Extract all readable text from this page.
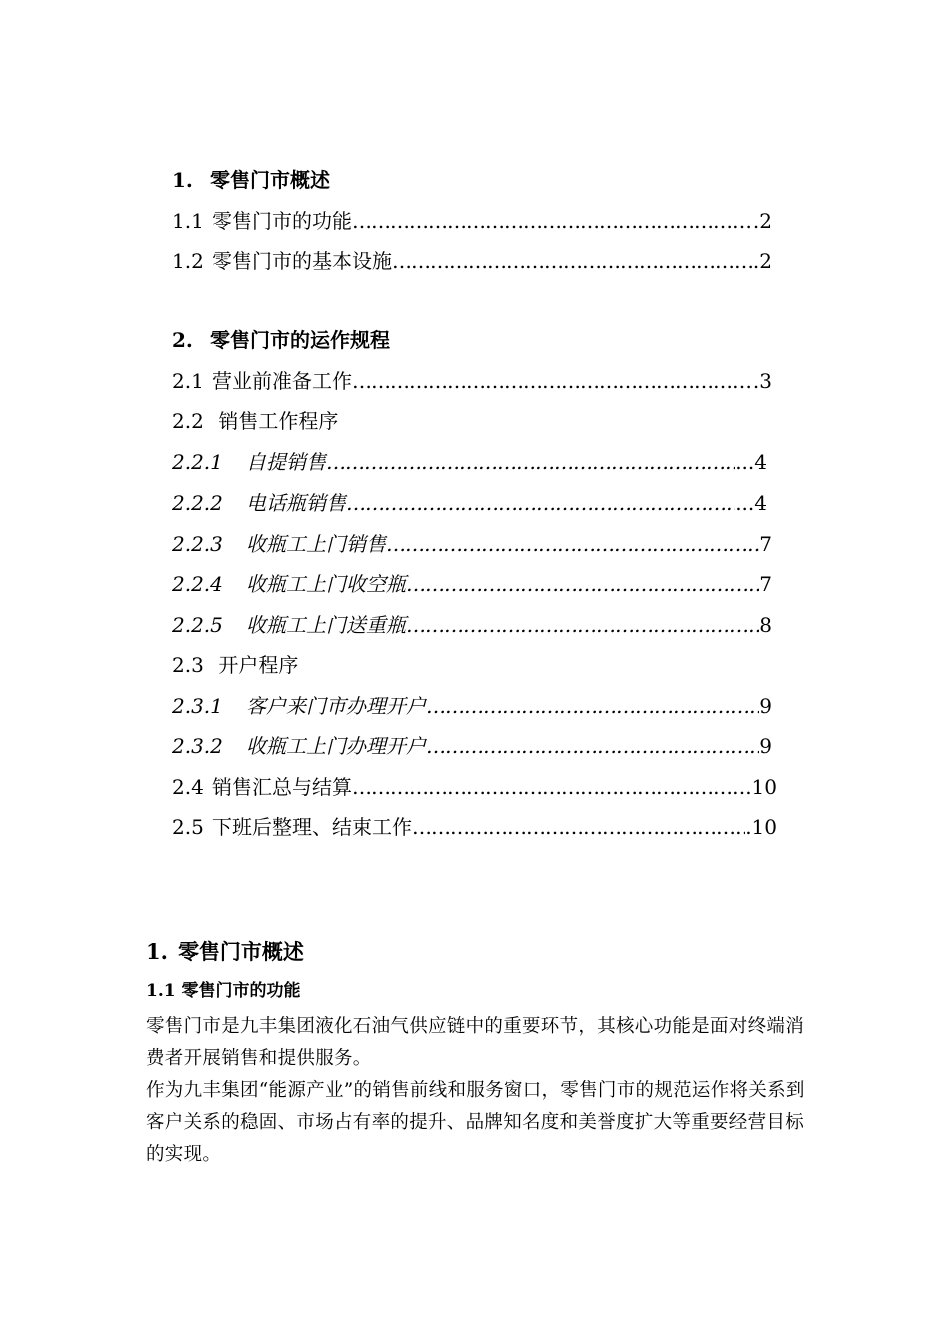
1. 零售门市概述
1.1 零售门市的功能 ……………………………………………………………………………………………………	.2
1.2 零售门市的基本设施 ……………………………………………………………………………………………………	.2
2. 零售门市的运作规程
2.1 营业前准备工作 ……………………………………………………………………………………………………	.3
2.2 销售工作程序
2.2.1	自提销售 ……………………………………………………………………………………………………	...4
2.2.2	电话瓶销售 ……………………………………………………………………………………………………	...4
2.2.3	收瓶工上门销售 ……………………………………………………………………………………………………	7
2.2.4	收瓶工上门收空瓶 ……………………………………………………………………………………………………	7
2.2.5	收瓶工上门送重瓶 ……………………………………………………………………………………………………	8
2.3 开户程序
2.3.1	客户来门市办理开户 ……………………………………………………………………………………………………	9
2.3.2	收瓶工上门办理开户 ……………………………………………………………………………………………………	9
2.4 销售汇总与结算 ……………………………………………………………………………………………………	.10
2.5 下班后整理、结束工作 ……………………………………………………………………………………………………	.10
1. 零售门市概述
1.1 零售门市的功能
零售门市是九丰集团液化石油气供应链中的重要环节，其核心功能是面对终端消费者开展销售和提供服务。
作为九丰集团“能源产业”的销售前线和服务窗口，零售门市的规范运作将关系到客户关系的稳固、市场占有率的提升、品牌知名度和美誉度扩大等重要经营目标的实现。
